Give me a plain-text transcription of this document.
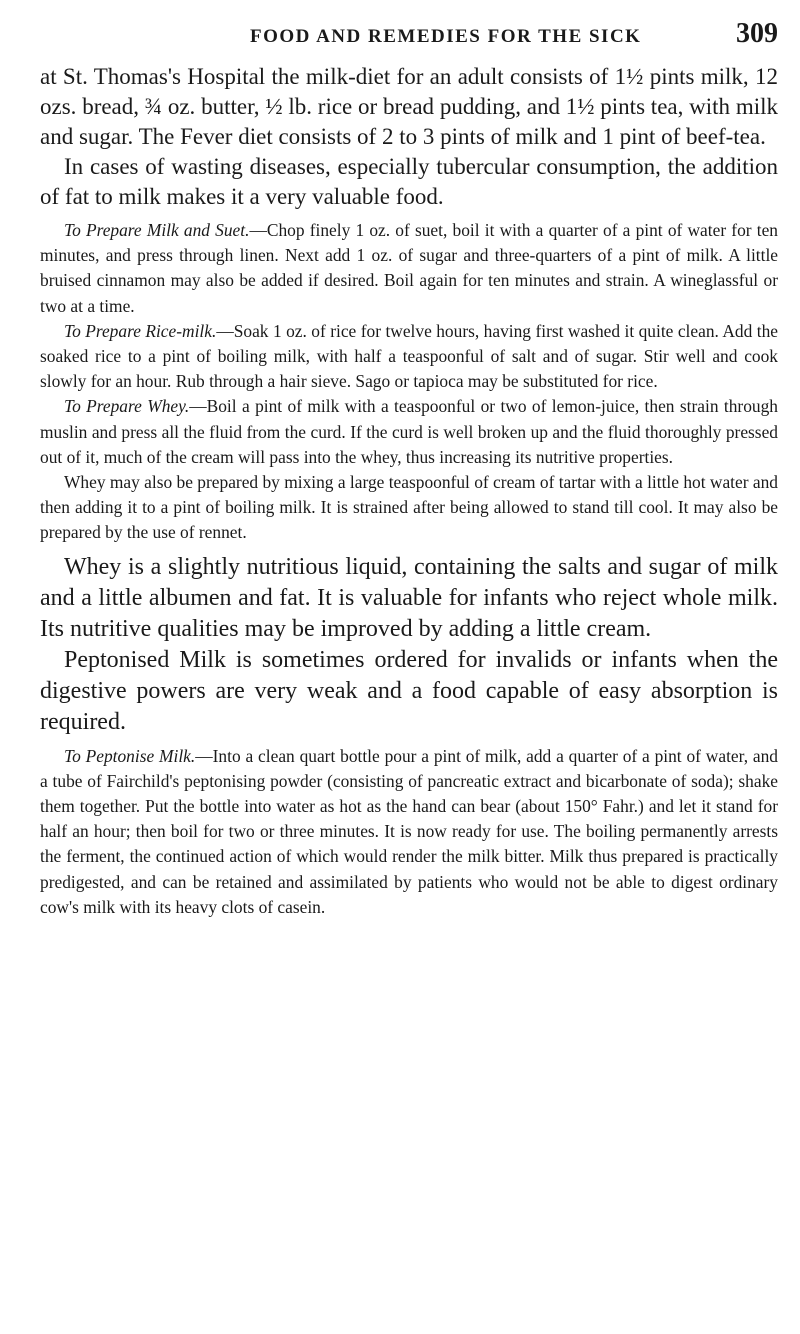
FOOD AND REMEDIES FOR THE SICK	309

at St. Thomas's Hospital the milk-diet for an adult consists of 1½ pints milk, 12 ozs. bread, ¾ oz. butter, ½ lb. rice or bread pudding, and 1½ pints tea, with milk and sugar. The Fever diet consists of 2 to 3 pints of milk and 1 pint of beef-tea.

In cases of wasting diseases, especially tubercular consumption, the addition of fat to milk makes it a very valuable food.

To Prepare Milk and Suet.—Chop finely 1 oz. of suet, boil it with a quarter of a pint of water for ten minutes, and press through linen. Next add 1 oz. of sugar and three-quarters of a pint of milk. A little bruised cinnamon may also be added if desired. Boil again for ten minutes and strain. A wineglassful or two at a time.

To Prepare Rice-milk.—Soak 1 oz. of rice for twelve hours, having first washed it quite clean. Add the soaked rice to a pint of boiling milk, with half a teaspoonful of salt and of sugar. Stir well and cook slowly for an hour. Rub through a hair sieve. Sago or tapioca may be substituted for rice.

To Prepare Whey.—Boil a pint of milk with a teaspoonful or two of lemon-juice, then strain through muslin and press all the fluid from the curd. If the curd is well broken up and the fluid thoroughly pressed out of it, much of the cream will pass into the whey, thus increasing its nutritive properties.

Whey may also be prepared by mixing a large teaspoonful of cream of tartar with a little hot water and then adding it to a pint of boiling milk. It is strained after being allowed to stand till cool. It may also be prepared by the use of rennet.

Whey is a slightly nutritious liquid, containing the salts and sugar of milk and a little albumen and fat. It is valuable for infants who reject whole milk. Its nutritive qualities may be improved by adding a little cream.

Peptonised Milk is sometimes ordered for invalids or infants when the digestive powers are very weak and a food capable of easy absorption is required.

To Peptonise Milk.—Into a clean quart bottle pour a pint of milk, add a quarter of a pint of water, and a tube of Fairchild's peptonising powder (consisting of pancreatic extract and bicarbonate of soda); shake them together. Put the bottle into water as hot as the hand can bear (about 150° Fahr.) and let it stand for half an hour; then boil for two or three minutes. It is now ready for use. The boiling permanently arrests the ferment, the continued action of which would render the milk bitter. Milk thus prepared is practically predigested, and can be retained and assimilated by patients who would not be able to digest ordinary cow's milk with its heavy clots of casein.
